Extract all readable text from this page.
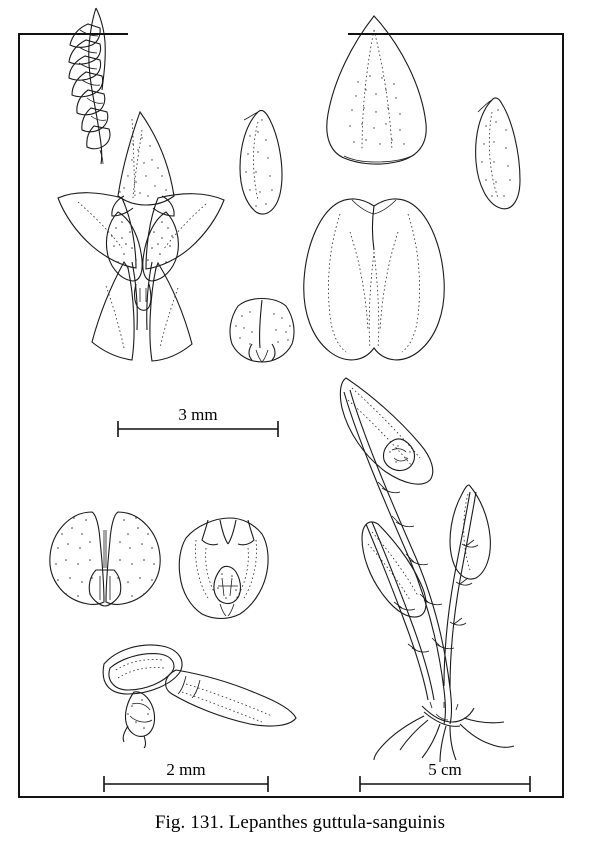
3 mm
2 mm	5 cm
Fig. 131. Lepanthes guttula-sanguinis
